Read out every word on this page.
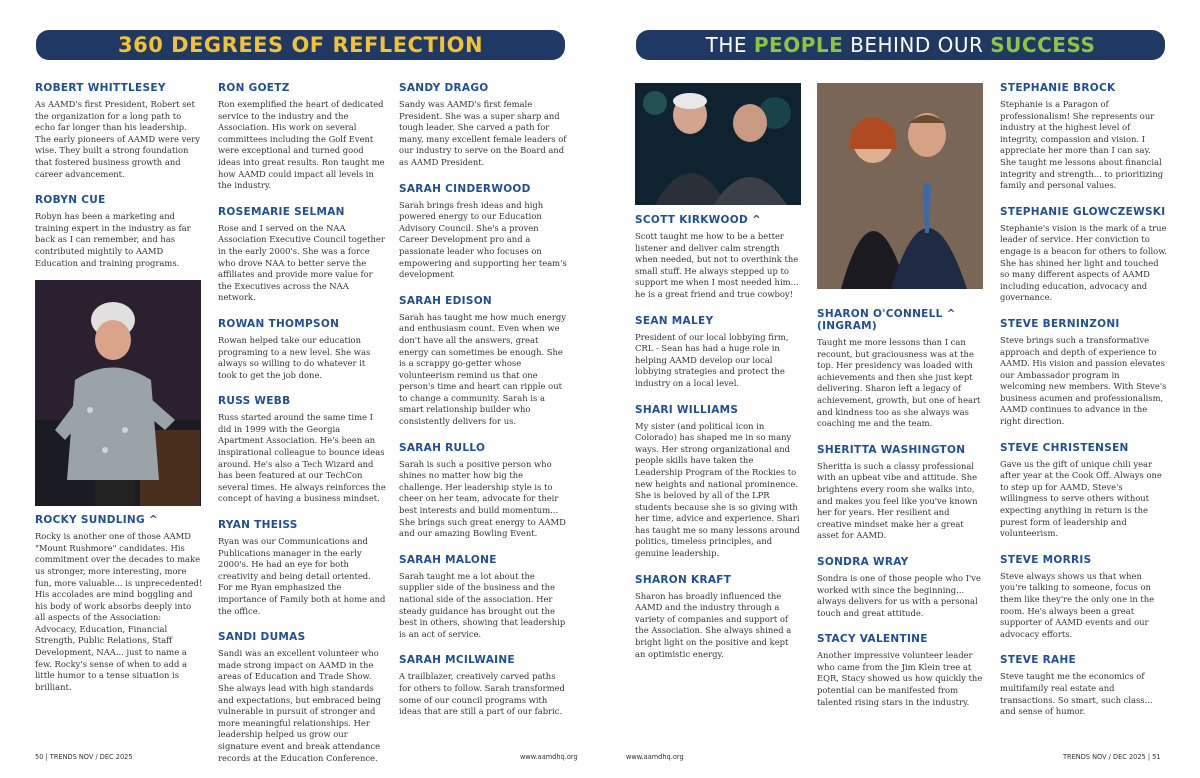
360 DEGREES OF REFLECTION	THE PEOPLE BEHIND OUR SUCCESS
ROBERT WHITTLESEY

As AAMD's first President, Robert set the organization for a long path to echo far longer than his leadership. The early pioneers of AAMD were very wise. They built a strong foundation that fostered business growth and career advancement.

ROBYN CUE

Robyn has been a marketing and training expert in the industry as far back as I can remember, and has contributed mightily to AAMD Education and training programs.

ROCKY SUNDLING ^

Rocky is another one of those AAMD "Mount Rushmore" candidates. His commitment over the decades to make us stronger, more interesting, more fun, more valuable... is unprecedented! His accolades are mind boggling and his body of work absorbs deeply into all aspects of the Association: Advocacy, Education, Financial Strength, Public Relations, Staff Development, NAA... just to name a few. Rocky's sense of when to add a little humor to a tense situation is brilliant.

RON GOETZ

Ron exemplified the heart of dedicated service to the industry and the Association. His work on several committees including the Golf Event were exceptional and turned good ideas into great results. Ron taught me how AAMD could impact all levels in the industry.

ROSEMARIE SELMAN

Rose and I served on the NAA Association Executive Council together in the early 2000's. She was a force who drove NAA to better serve the affiliates and provide more value for the Executives across the NAA network.

ROWAN THOMPSON

Rowan helped take our education programing to a new level. She was always so willing to do whatever it took to get the job done.

RUSS WEBB

Russ started around the same time I did in 1999 with the Georgia Apartment Association. He's been an inspirational colleague to bounce ideas around. He's also a Tech Wizard and has been featured at our TechCon several times. He always reinforces the concept of having a business mindset.

RYAN THEISS

Ryan was our Communications and Publications manager in the early 2000's. He had an eye for both creativity and being detail oriented. For me Ryan emphasized the importance of Family both at home and the office.

SANDI DUMAS

Sandi was an excellent volunteer who made strong impact on AAMD in the areas of Education and Trade Show. She always lead with high standards and expectations, but embraced being vulnerable in pursuit of stronger and more meaningful relationships. Her leadership helped us grow our signature event and break attendance records at the Education Conference.

SANDY DRAGO

Sandy was AAMD's first female President. She was a super sharp and tough leader. She carved a path for many, many excellent female leaders of our industry to serve on the Board and as AAMD President.

SARAH CINDERWOOD

Sarah brings fresh ideas and high powered energy to our Education Advisory Council. She's a proven Career Development pro and a passionate leader who focuses on empowering and supporting her team's development

SARAH EDISON

Sarah has taught me how much energy and enthusiasm count. Even when we don't have all the answers, great energy can sometimes be enough. She is a scrappy go-getter whose volunteerism remind us that one person's time and heart can ripple out to change a community. Sarah is a smart relationship builder who consistently delivers for us.

SARAH RULLO

Sarah is such a positive person who shines no matter how big the challenge. Her leadership style is to cheer on her team, advocate for their best interests and build momentum... She brings such great energy to AAMD and our amazing Bowling Event.

SARAH MALONE

Sarah taught me a lot about the supplier side of the business and the national side of the association. Her steady guidance has brought out the best in others, showing that leadership is an act of service.

SARAH MCILWAINE

A trailblazer, creatively carved paths for others to follow. Sarah transformed some of our council programs with ideas that are still a part of our fabric.

SCOTT KIRKWOOD ^

Scott taught me how to be a better listener and deliver calm strength when needed, but not to overthink the small stuff. He always stepped up to support me when I most needed him... he is a great friend and true cowboy!

SEAN MALEY

President of our local lobbying firm, CRL - Sean has had a huge role in helping AAMD develop our local lobbying strategies and protect the industry on a local level.

SHARI WILLIAMS

My sister (and political icon in Colorado) has shaped me in so many ways. Her strong organizational and people skills have taken the Leadership Program of the Rockies to new heights and national prominence. She is beloved by all of the LPR students because she is so giving with her time, advice and experience. Shari has taught me so many lessons around politics, timeless principles, and genuine leadership.

SHARON KRAFT

Sharon has broadly influenced the AAMD and the industry through a variety of companies and support of the Association. She always shined a bright light on the positive and kept an optimistic energy.

SHARON O'CONNELL ^ (INGRAM)

Taught me more lessons than I can recount, but graciousness was at the top. Her presidency was loaded with achievements and then she just kept delivering. Sharon left a legacy of achievement, growth, but one of heart and kindness too as she always was coaching me and the team.

SHERITTA WASHINGTON

Sheritta is such a classy professional with an upbeat vibe and attitude. She brightens every room she walks into, and makes you feel like you've known her for years. Her resilient and creative mindset make her a great asset for AAMD.

SONDRA WRAY

Sondra is one of those people who I've worked with since the beginning... always delivers for us with a personal touch and great attitude.

STACY VALENTINE

Another impressive volunteer leader who came from the Jim Klein tree at EQR, Stacy showed us how quickly the potential can be manifested from talented rising stars in the industry.

STEPHANIE BROCK

Stephanie is a Paragon of professionalism! She represents our industry at the highest level of integrity, compassion and vision. I appreciate her more than I can say. She taught me lessons about financial integrity and strength... to prioritizing family and personal values.

STEPHANIE GLOWCZEWSKI

Stephanie's vision is the mark of a true leader of service. Her conviction to engage is a beacon for others to follow. She has shined her light and touched so many different aspects of AAMD including education, advocacy and governance.

STEVE BERNINZONI

Steve brings such a transformative approach and depth of experience to AAMD. His vision and passion elevates our Ambassador program in welcoming new members. With Steve's business acumen and professionalism, AAMD continues to advance in the right direction.

STEVE CHRISTENSEN

Gave us the gift of unique chili year after year at the Cook Off. Always one to step up for AAMD, Steve's willingness to serve others without expecting anything in return is the purest form of leadership and volunteerism.

STEVE MORRIS

Steve always shows us that when you're talking to someone, focus on them like they're the only one in the room. He's always been a great supporter of AAMD events and our advocacy efforts.

STEVE RAHE

Steve taught me the economics of multifamily real estate and transactions. So smart, such class... and sense of humor.

50 | TRENDS NOV / DEC 2025	www.aamdhq.org	www.aamdhq.org	TRENDS NOV / DEC 2025 | 51
